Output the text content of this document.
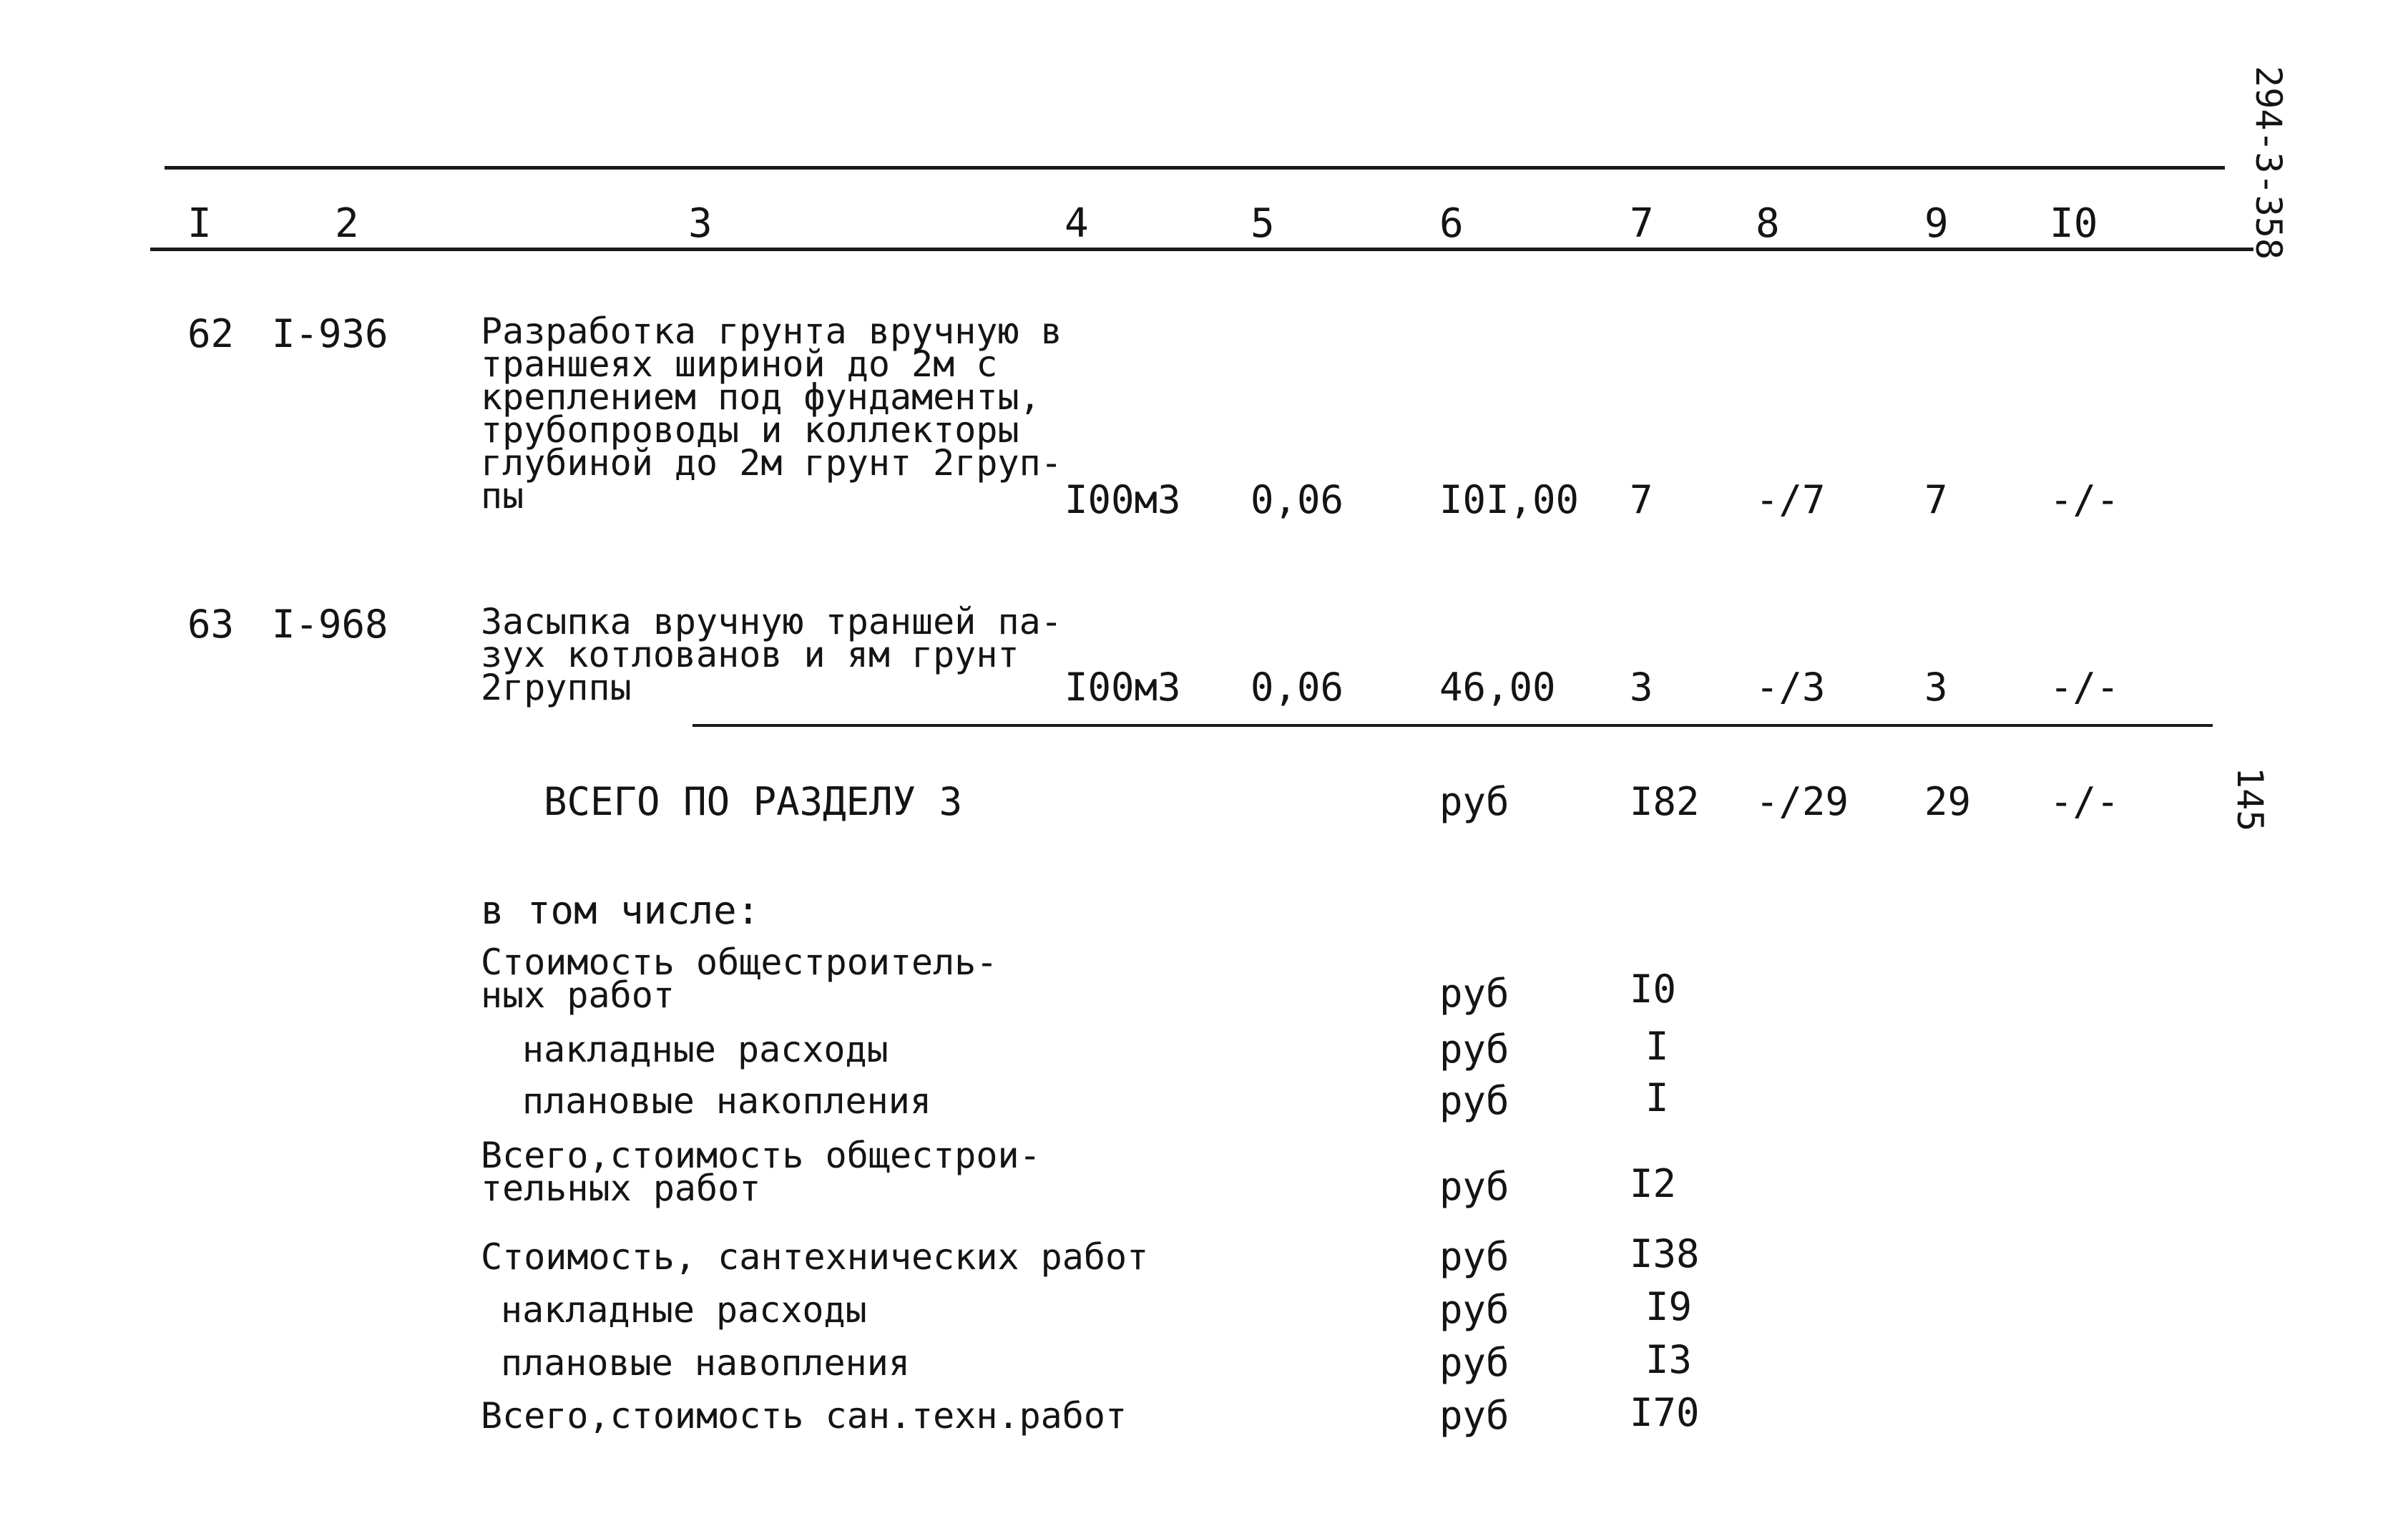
294-3-358
I	2	3	4	5	6	7	8	9	I0
62 I-936	Разработка грунта вручную в
траншеях шириной до 2м с
креплением под фундаменты,
трубопроводы и коллекторы
глубиной до 2м грунт 2груп-
пы	I00м3 0,06 I0I,00 7	-/7	7	-/-
63 I-968	Засыпка вручную траншей па-
зух котлованов и ям грунт
2группы	I00м3 0,06 46,00 3	-/3	3	-/-
ВСЕГО ПО РАЗДЕЛУ 3	руб	I82 -/29 29 -/-	145
в том числе:
Стоимость общестроитель-
ных работ	руб	I0
накладные расходы	руб	I
плановые накопления	руб	I
Всего,стоимость общестрои-
тельных работ	руб	I2
Стоимость, сантехнических работ	руб	I38
накладные расходы	руб	I9
плановые навопления	руб	I3
Всего,стоимость сан.техн.работ	руб	I70
